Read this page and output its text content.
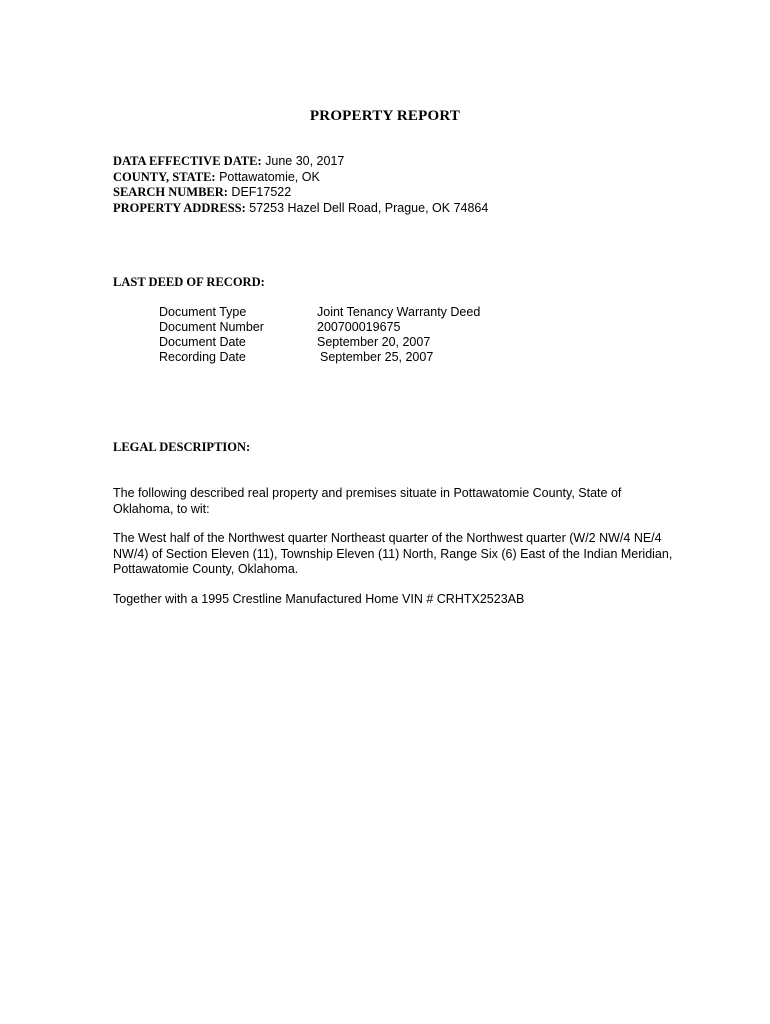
PROPERTY REPORT
DATA EFFECTIVE DATE: June 30, 2017
COUNTY, STATE: Pottawatomie, OK
SEARCH NUMBER: DEF17522
PROPERTY ADDRESS: 57253 Hazel Dell Road, Prague, OK 74864
LAST DEED OF RECORD:
Document Type	Joint Tenancy Warranty Deed
Document Number	200700019675
Document Date	September 20, 2007
Recording Date	September 25, 2007
LEGAL DESCRIPTION:

The following described real property and premises situate in Pottawatomie County, State of Oklahoma, to wit:

The West half of the Northwest quarter Northeast quarter of the Northwest quarter (W/2 NW/4 NE/4 NW/4) of Section Eleven (11), Township Eleven (11) North, Range Six (6) East of the Indian Meridian, Pottawatomie County, Oklahoma.

Together with a 1995 Crestline Manufactured Home VIN # CRHTX2523AB
